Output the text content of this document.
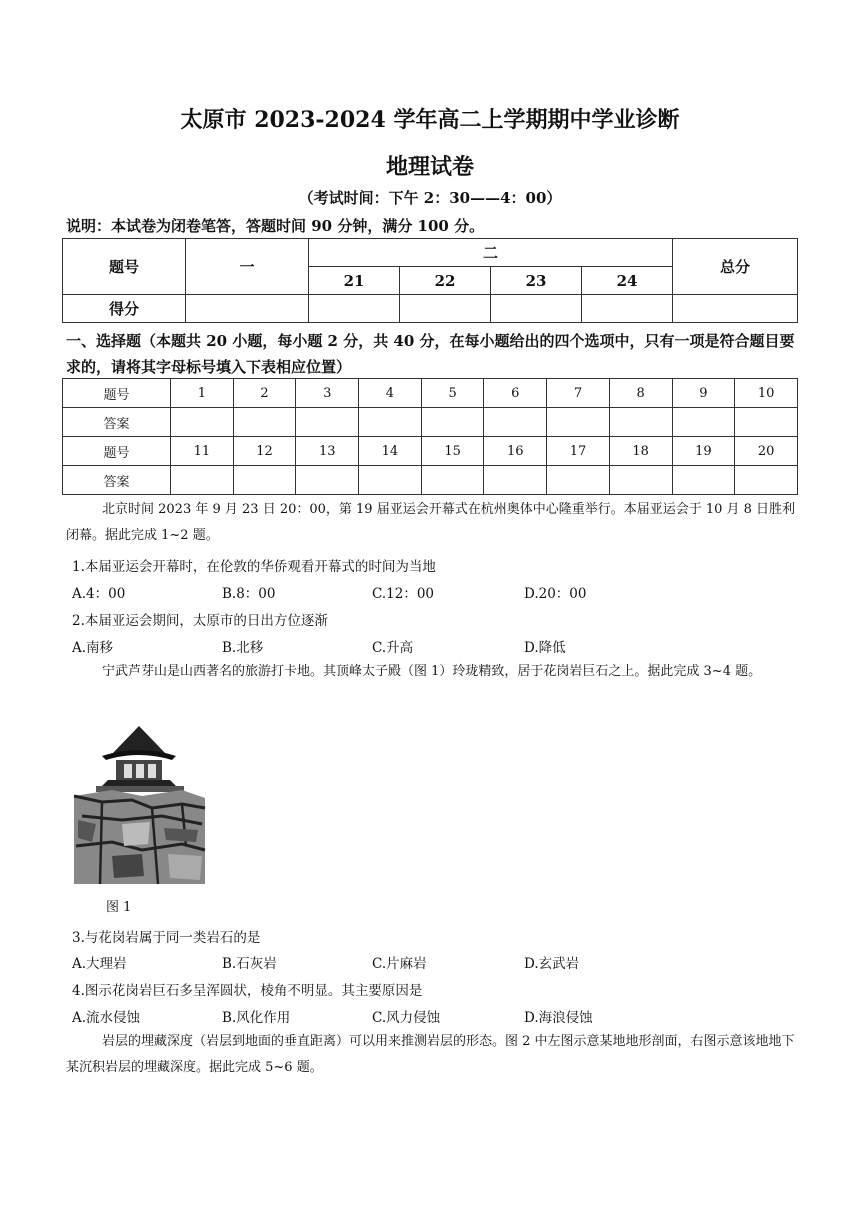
太原市 2023-2024 学年高二上学期期中学业诊断
地理试卷
（考试时间：下午 2：30——4：00）
说明：本试卷为闭卷笔答，答题时间 90 分钟，满分 100 分。
题号	一	二				总分
		21	22	23	24	
得分						
一、选择题（本题共 20 小题，每小题 2 分，共 40 分，在每小题给出的四个选项中，只有一项是符合题目要求的，请将其字母标号填入下表相应位置）
题号	1	2	3	4	5	6	7	8	9	10
答案										
题号	11	12	13	14	15	16	17	18	19	20
答案										
北京时间 2023 年 9 月 23 日 20：00，第 19 届亚运会开幕式在杭州奥体中心隆重举行。本届亚运会于 10 月 8 日胜利闭幕。据此完成 1~2 题。
1.本届亚运会开幕时，在伦敦的华侨观看开幕式的时间为当地
A.4：00	B.8：00	C.12：00	D.20：00
2.本届亚运会期间，太原市的日出方位逐渐
A.南移	B.北移	C.升高	D.降低
宁武芦芽山是山西著名的旅游打卡地。其顶峰太子殿（图 1）玲珑精致，居于花岗岩巨石之上。据此完成 3~4 题。
图 1
3.与花岗岩属于同一类岩石的是
A.大理岩	B.石灰岩	C.片麻岩	D.玄武岩
4.图示花岗岩巨石多呈浑圆状，棱角不明显。其主要原因是
A.流水侵蚀	B.风化作用	C.风力侵蚀	D.海浪侵蚀
岩层的埋藏深度（岩层到地面的垂直距离）可以用来推测岩层的形态。图 2 中左图示意某地地形剖面，右图示意该地地下某沉积岩层的埋藏深度。据此完成 5~6 题。
